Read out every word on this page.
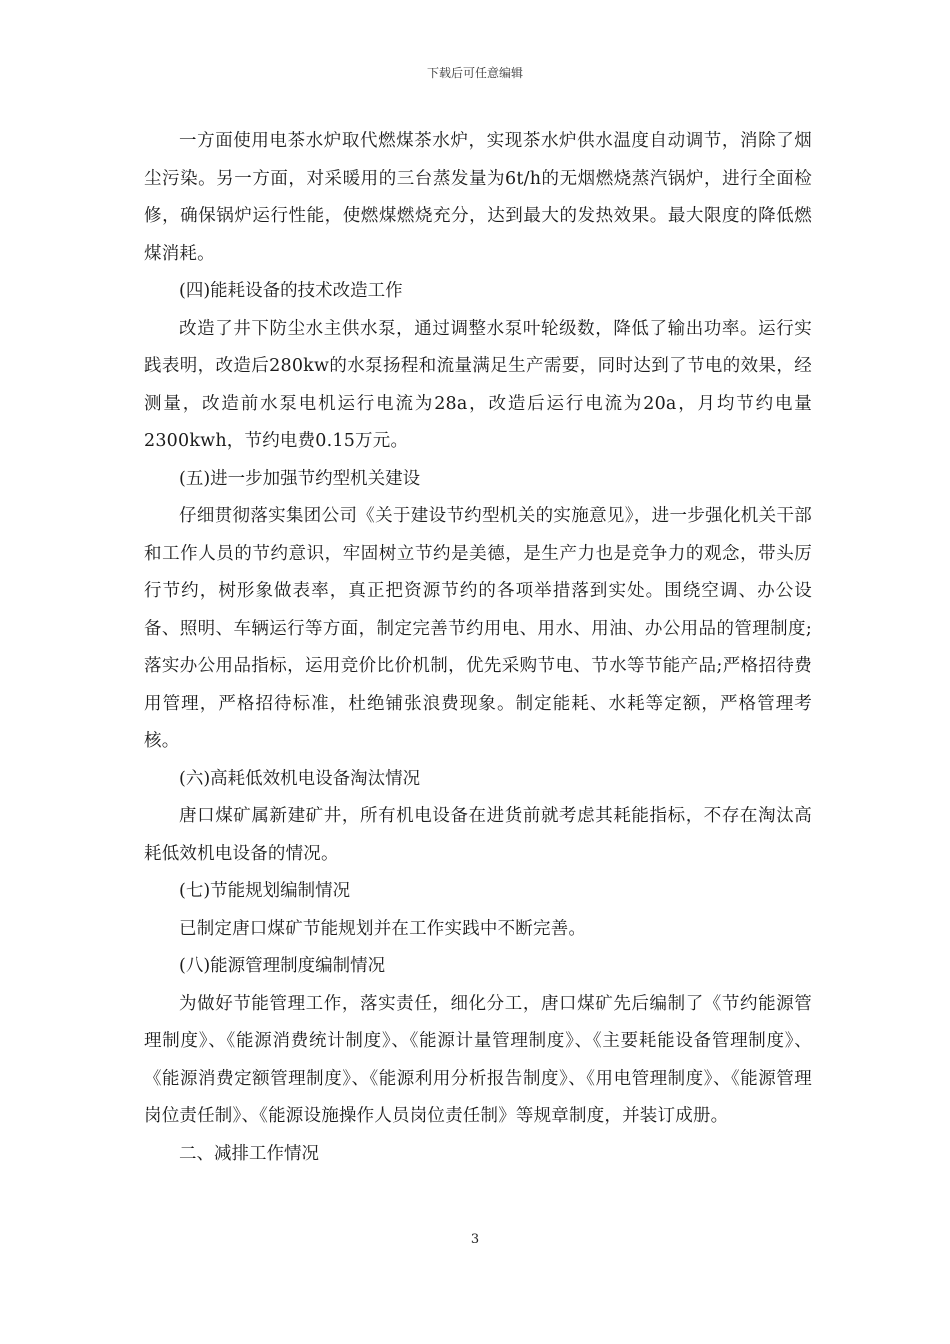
下载后可任意编辑

一方面使用电茶水炉取代燃煤茶水炉，实现茶水炉供水温度自动调节，消除了烟尘污染。另一方面，对采暖用的三台蒸发量为6t/h的无烟燃烧蒸汽锅炉，进行全面检修，确保锅炉运行性能，使燃煤燃烧充分，达到最大的发热效果。最大限度的降低燃煤消耗。

(四)能耗设备的技术改造工作

改造了井下防尘水主供水泵，通过调整水泵叶轮级数，降低了输出功率。运行实践表明，改造后280kw的水泵扬程和流量满足生产需要，同时达到了节电的效果，经测量，改造前水泵电机运行电流为28a，改造后运行电流为20a，月均节约电量2300kwh，节约电费0.15万元。

(五)进一步加强节约型机关建设

仔细贯彻落实集团公司《关于建设节约型机关的实施意见》，进一步强化机关干部和工作人员的节约意识，牢固树立节约是美德，是生产力也是竞争力的观念，带头厉行节约，树形象做表率，真正把资源节约的各项举措落到实处。围绕空调、办公设备、照明、车辆运行等方面，制定完善节约用电、用水、用油、办公用品的管理制度;落实办公用品指标，运用竞价比价机制，优先采购节电、节水等节能产品;严格招待费用管理，严格招待标准，杜绝铺张浪费现象。制定能耗、水耗等定额，严格管理考核。

(六)高耗低效机电设备淘汰情况

唐口煤矿属新建矿井，所有机电设备在进货前就考虑其耗能指标，不存在淘汰高耗低效机电设备的情况。

(七)节能规划编制情况

已制定唐口煤矿节能规划并在工作实践中不断完善。

(八)能源管理制度编制情况

为做好节能管理工作，落实责任，细化分工，唐口煤矿先后编制了《节约能源管理制度》、《能源消费统计制度》、《能源计量管理制度》、《主要耗能设备管理制度》、《能源消费定额管理制度》、《能源利用分析报告制度》、《用电管理制度》、《能源管理岗位责任制》、《能源设施操作人员岗位责任制》等规章制度，并装订成册。

二、减排工作情况

3
